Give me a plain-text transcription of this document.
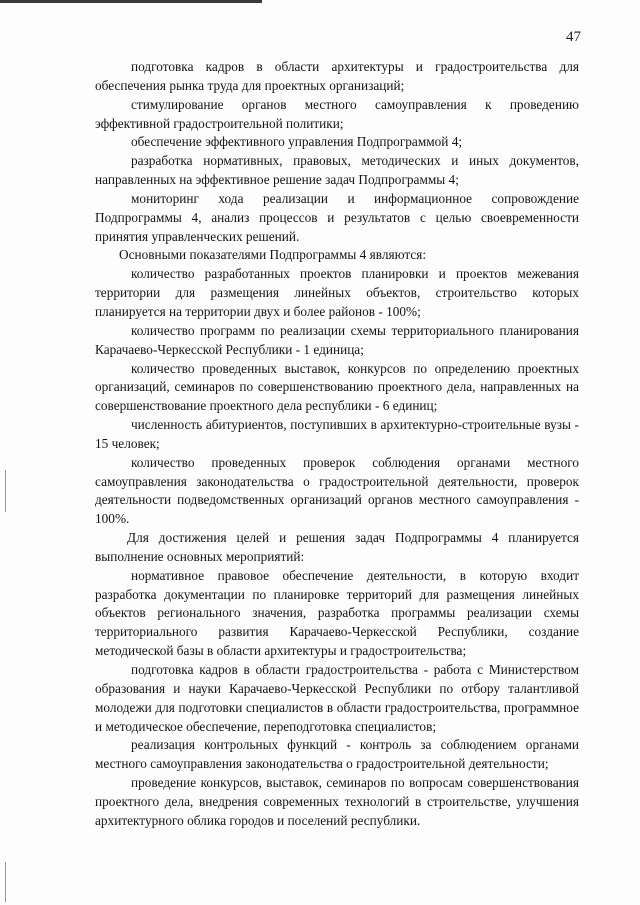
47

подготовка кадров в области архитектуры и градостроительства для обеспечения рынка труда для проектных организаций;

стимулирование органов местного самоуправления к проведению эффективной градостроительной политики;

обеспечение эффективного управления Подпрограммой 4;

разработка нормативных, правовых, методических и иных документов, направленных на эффективное решение задач Подпрограммы 4;

мониторинг хода реализации и информационное сопровождение Подпрограммы 4, анализ процессов и результатов с целью своевременности принятия управленческих решений.

Основными показателями Подпрограммы 4 являются:

количество разработанных проектов планировки и проектов межевания территории для размещения линейных объектов, строительство которых планируется на территории двух и более районов - 100%;

количество программ по реализации схемы территориального планирования Карачаево-Черкесской Республики - 1 единица;

количество проведенных выставок, конкурсов по определению проектных организаций, семинаров по совершенствованию проектного дела, направленных на совершенствование проектного дела республики - 6 единиц;

численность абитуриентов, поступивших в архитектурно-строительные вузы - 15 человек;

количество проведенных проверок соблюдения органами местного самоуправления законодательства о градостроительной деятельности, проверок деятельности подведомственных организаций органов местного самоуправления - 100%.

Для достижения целей и решения задач Подпрограммы 4 планируется выполнение основных мероприятий:

нормативное правовое обеспечение деятельности, в которую входит разработка документации по планировке территорий для размещения линейных объектов регионального значения, разработка программы реализации схемы территориального развития Карачаево-Черкесской Республики, создание методической базы в области архитектуры и градостроительства;

подготовка кадров в области градостроительства - работа с Министерством образования и науки Карачаево-Черкесской Республики по отбору талантливой молодежи для подготовки специалистов в области градостроительства, программное и методическое обеспечение, переподготовка специалистов;

реализация контрольных функций - контроль за соблюдением органами местного самоуправления законодательства о градостроительной деятельности;

проведение конкурсов, выставок, семинаров по вопросам совершенствования проектного дела, внедрения современных технологий в строительстве, улучшения архитектурного облика городов и поселений республики.
